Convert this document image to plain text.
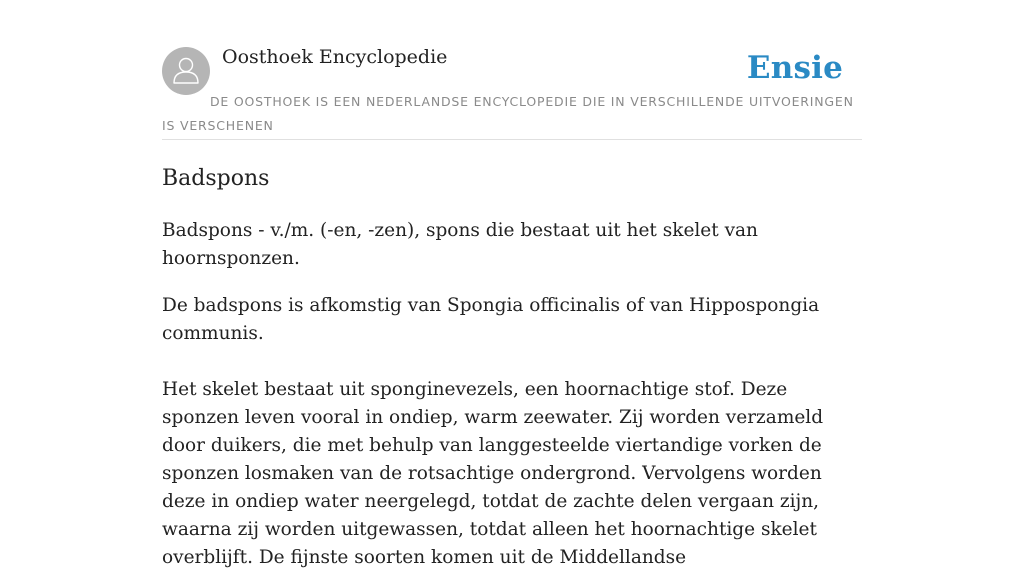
Oosthoek Encyclopedie	Ensie
DE OOSTHOEK IS EEN NEDERLANDSE ENCYCLOPEDIE DIE IN VERSCHILLENDE UITVOERINGEN IS VERSCHENEN
Badspons

Badspons - v./m. (-en, -zen), spons die bestaat uit het skelet van hoornsponzen.

De badspons is afkomstig van Spongia officinalis of van Hippospongia communis.

Het skelet bestaat uit sponginevezels, een hoornachtige stof. Deze sponzen leven vooral in ondiep, warm zeewater. Zij worden verzameld door duikers, die met behulp van langgesteelde viertandige vorken de sponzen losmaken van de rotsachtige ondergrond. Vervolgens worden deze in ondiep water neergelegd, totdat de zachte delen vergaan zijn, waarna zij worden uitgewassen, totdat alleen het hoornachtige skelet overblijft. De fijnste soorten komen uit de Middellandse
